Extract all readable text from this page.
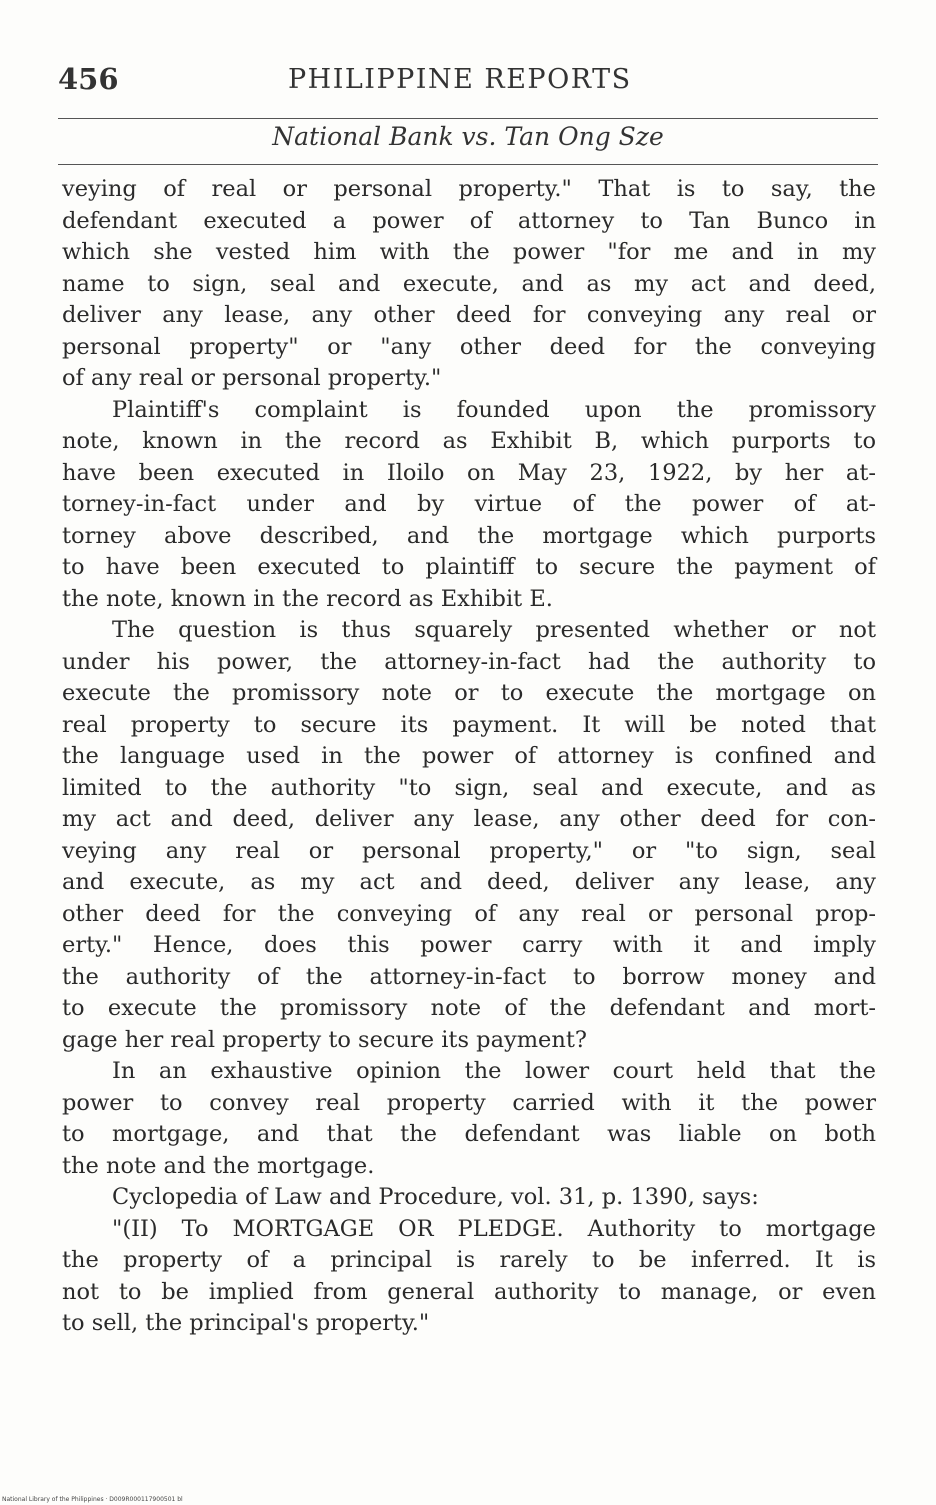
456	PHILIPPINE REPORTS
National Bank vs. Tan Ong Sze
veying of real or personal property." That is to say, the
defendant executed a power of attorney to Tan Bunco in
which she vested him with the power "for me and in my
name to sign, seal and execute, and as my act and deed,
deliver any lease, any other deed for conveying any real or
personal property" or "any other deed for the conveying
of any real or personal property."
Plaintiff's complaint is founded upon the promissory
note, known in the record as Exhibit B, which purports to
have been executed in Iloilo on May 23, 1922, by her at-
torney-in-fact under and by virtue of the power of at-
torney above described, and the mortgage which purports
to have been executed to plaintiff to secure the payment of
the note, known in the record as Exhibit E.
The question is thus squarely presented whether or not
under his power, the attorney-in-fact had the authority to
execute the promissory note or to execute the mortgage on
real property to secure its payment. It will be noted that
the language used in the power of attorney is confined and
limited to the authority "to sign, seal and execute, and as
my act and deed, deliver any lease, any other deed for con-
veying any real or personal property," or "to sign, seal
and execute, as my act and deed, deliver any lease, any
other deed for the conveying of any real or personal prop-
erty." Hence, does this power carry with it and imply
the authority of the attorney-in-fact to borrow money and
to execute the promissory note of the defendant and mort-
gage her real property to secure its payment?
In an exhaustive opinion the lower court held that the
power to convey real property carried with it the power
to mortgage, and that the defendant was liable on both
the note and the mortgage.
Cyclopedia of Law and Procedure, vol. 31, p. 1390, says:
"(II) To MORTGAGE OR PLEDGE. Authority to mortgage
the property of a principal is rarely to be inferred. It is
not to be implied from general authority to manage, or even
to sell, the principal's property."
National Library of the Philippines · D009R000117900501 bl
